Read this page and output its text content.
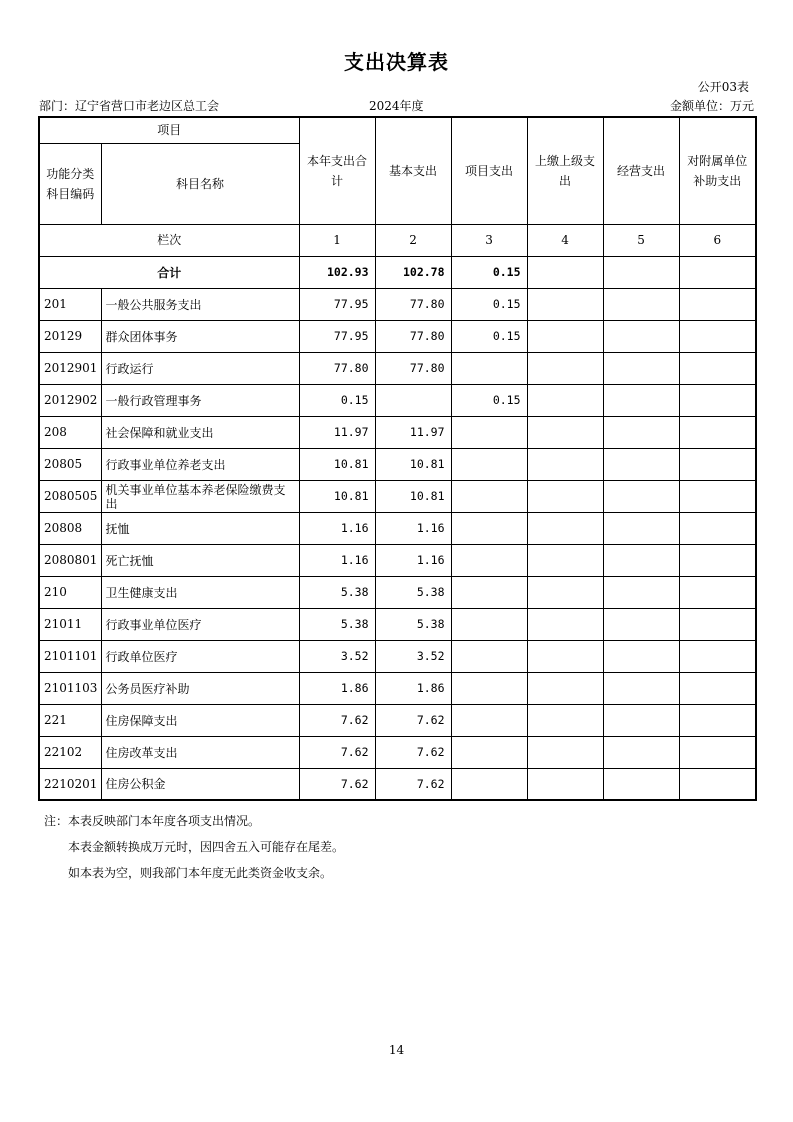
支出决算表
公开03表
部门：辽宁省营口市老边区总工会	2024年度	金额单位：万元
项目		本年支出合计	基本支出	项目支出	上缴上级支出	经营支出	对附属单位补助支出
功能分类科目编码	科目名称						
栏次		1	2	3	4	5	6
合计		102.93	102.78	0.15			
201	一般公共服务支出	77.95	77.80	0.15			
20129	群众团体事务	77.95	77.80	0.15			
2012901	行政运行	77.80	77.80				
2012902	一般行政管理事务	0.15		0.15			
208	社会保障和就业支出	11.97	11.97				
20805	行政事业单位养老支出	10.81	10.81				
2080505	机关事业单位基本养老保险缴费支出	10.81	10.81				
20808	抚恤	1.16	1.16				
2080801	死亡抚恤	1.16	1.16				
210	卫生健康支出	5.38	5.38				
21011	行政事业单位医疗	5.38	5.38				
2101101	行政单位医疗	3.52	3.52				
2101103	公务员医疗补助	1.86	1.86				
221	住房保障支出	7.62	7.62				
22102	住房改革支出	7.62	7.62				
2210201	住房公积金	7.62	7.62				
注：本表反映部门本年度各项支出情况。
本表金额转换成万元时，因四舍五入可能存在尾差。
如本表为空，则我部门本年度无此类资金收支余。
14
